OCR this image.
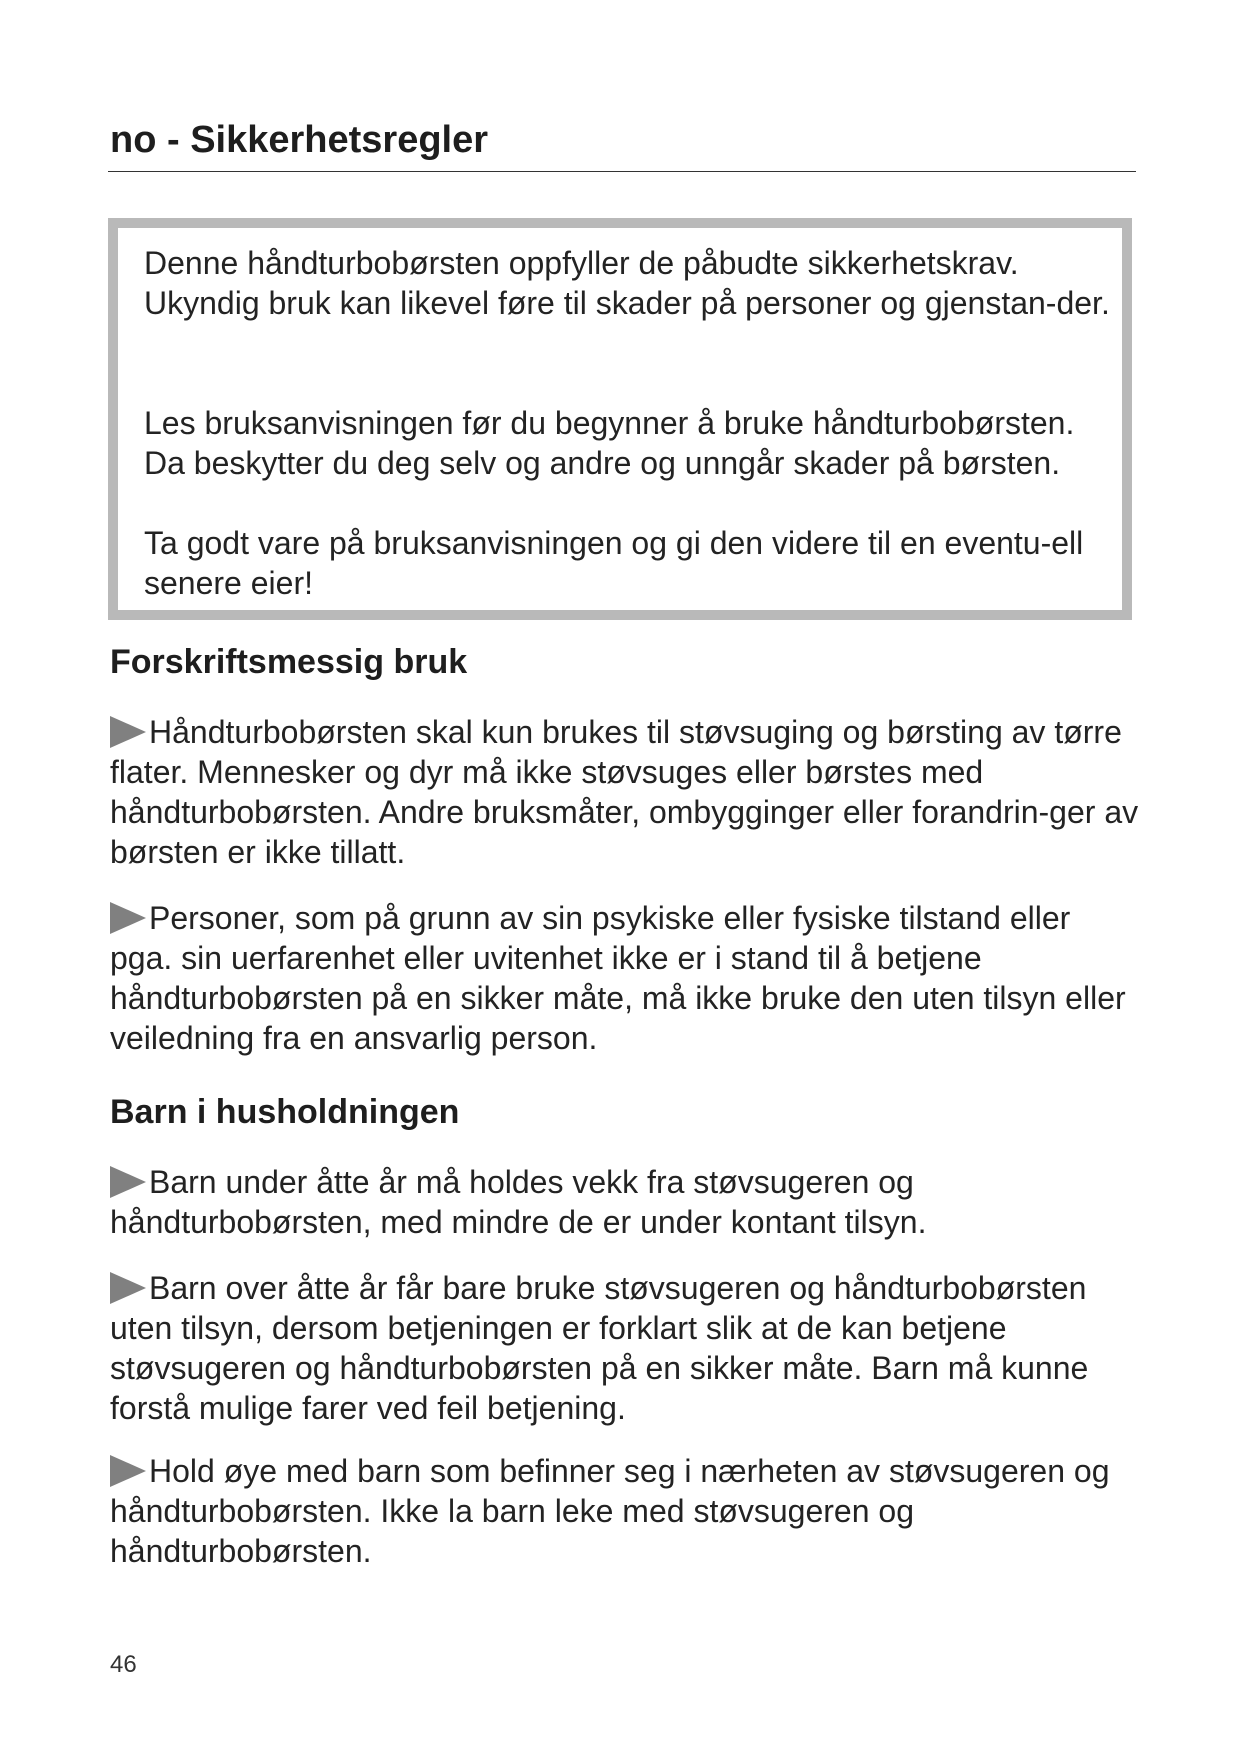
no - Sikkerhetsregler

Denne håndturbobørsten oppfyller de påbudte sikkerhetskrav. Ukyndig bruk kan likevel føre til skader på personer og gjenstan-der.

Les bruksanvisningen før du begynner å bruke håndturbobørsten. Da beskytter du deg selv og andre og unngår skader på børsten.

Ta godt vare på bruksanvisningen og gi den videre til en eventu-ell senere eier!

Forskriftsmessig bruk

Håndturbobørsten skal kun brukes til støvsuging og børsting av tørre flater. Mennesker og dyr må ikke støvsuges eller børstes med håndturbobørsten. Andre bruksmåter, ombygginger eller forandrin-ger av børsten er ikke tillatt.

Personer, som på grunn av sin psykiske eller fysiske tilstand eller pga. sin uerfarenhet eller uvitenhet ikke er i stand til å betjene håndturbobørsten på en sikker måte, må ikke bruke den uten tilsyn eller veiledning fra en ansvarlig person.

Barn i husholdningen

Barn under åtte år må holdes vekk fra støvsugeren og håndturbobørsten, med mindre de er under kontant tilsyn.

Barn over åtte år får bare bruke støvsugeren og håndturbobørsten uten tilsyn, dersom betjeningen er forklart slik at de kan betjene støvsugeren og håndturbobørsten på en sikker måte. Barn må kunne forstå mulige farer ved feil betjening.

Hold øye med barn som befinner seg i nærheten av støvsugeren og håndturbobørsten. Ikke la barn leke med støvsugeren og håndturbobørsten.

46
